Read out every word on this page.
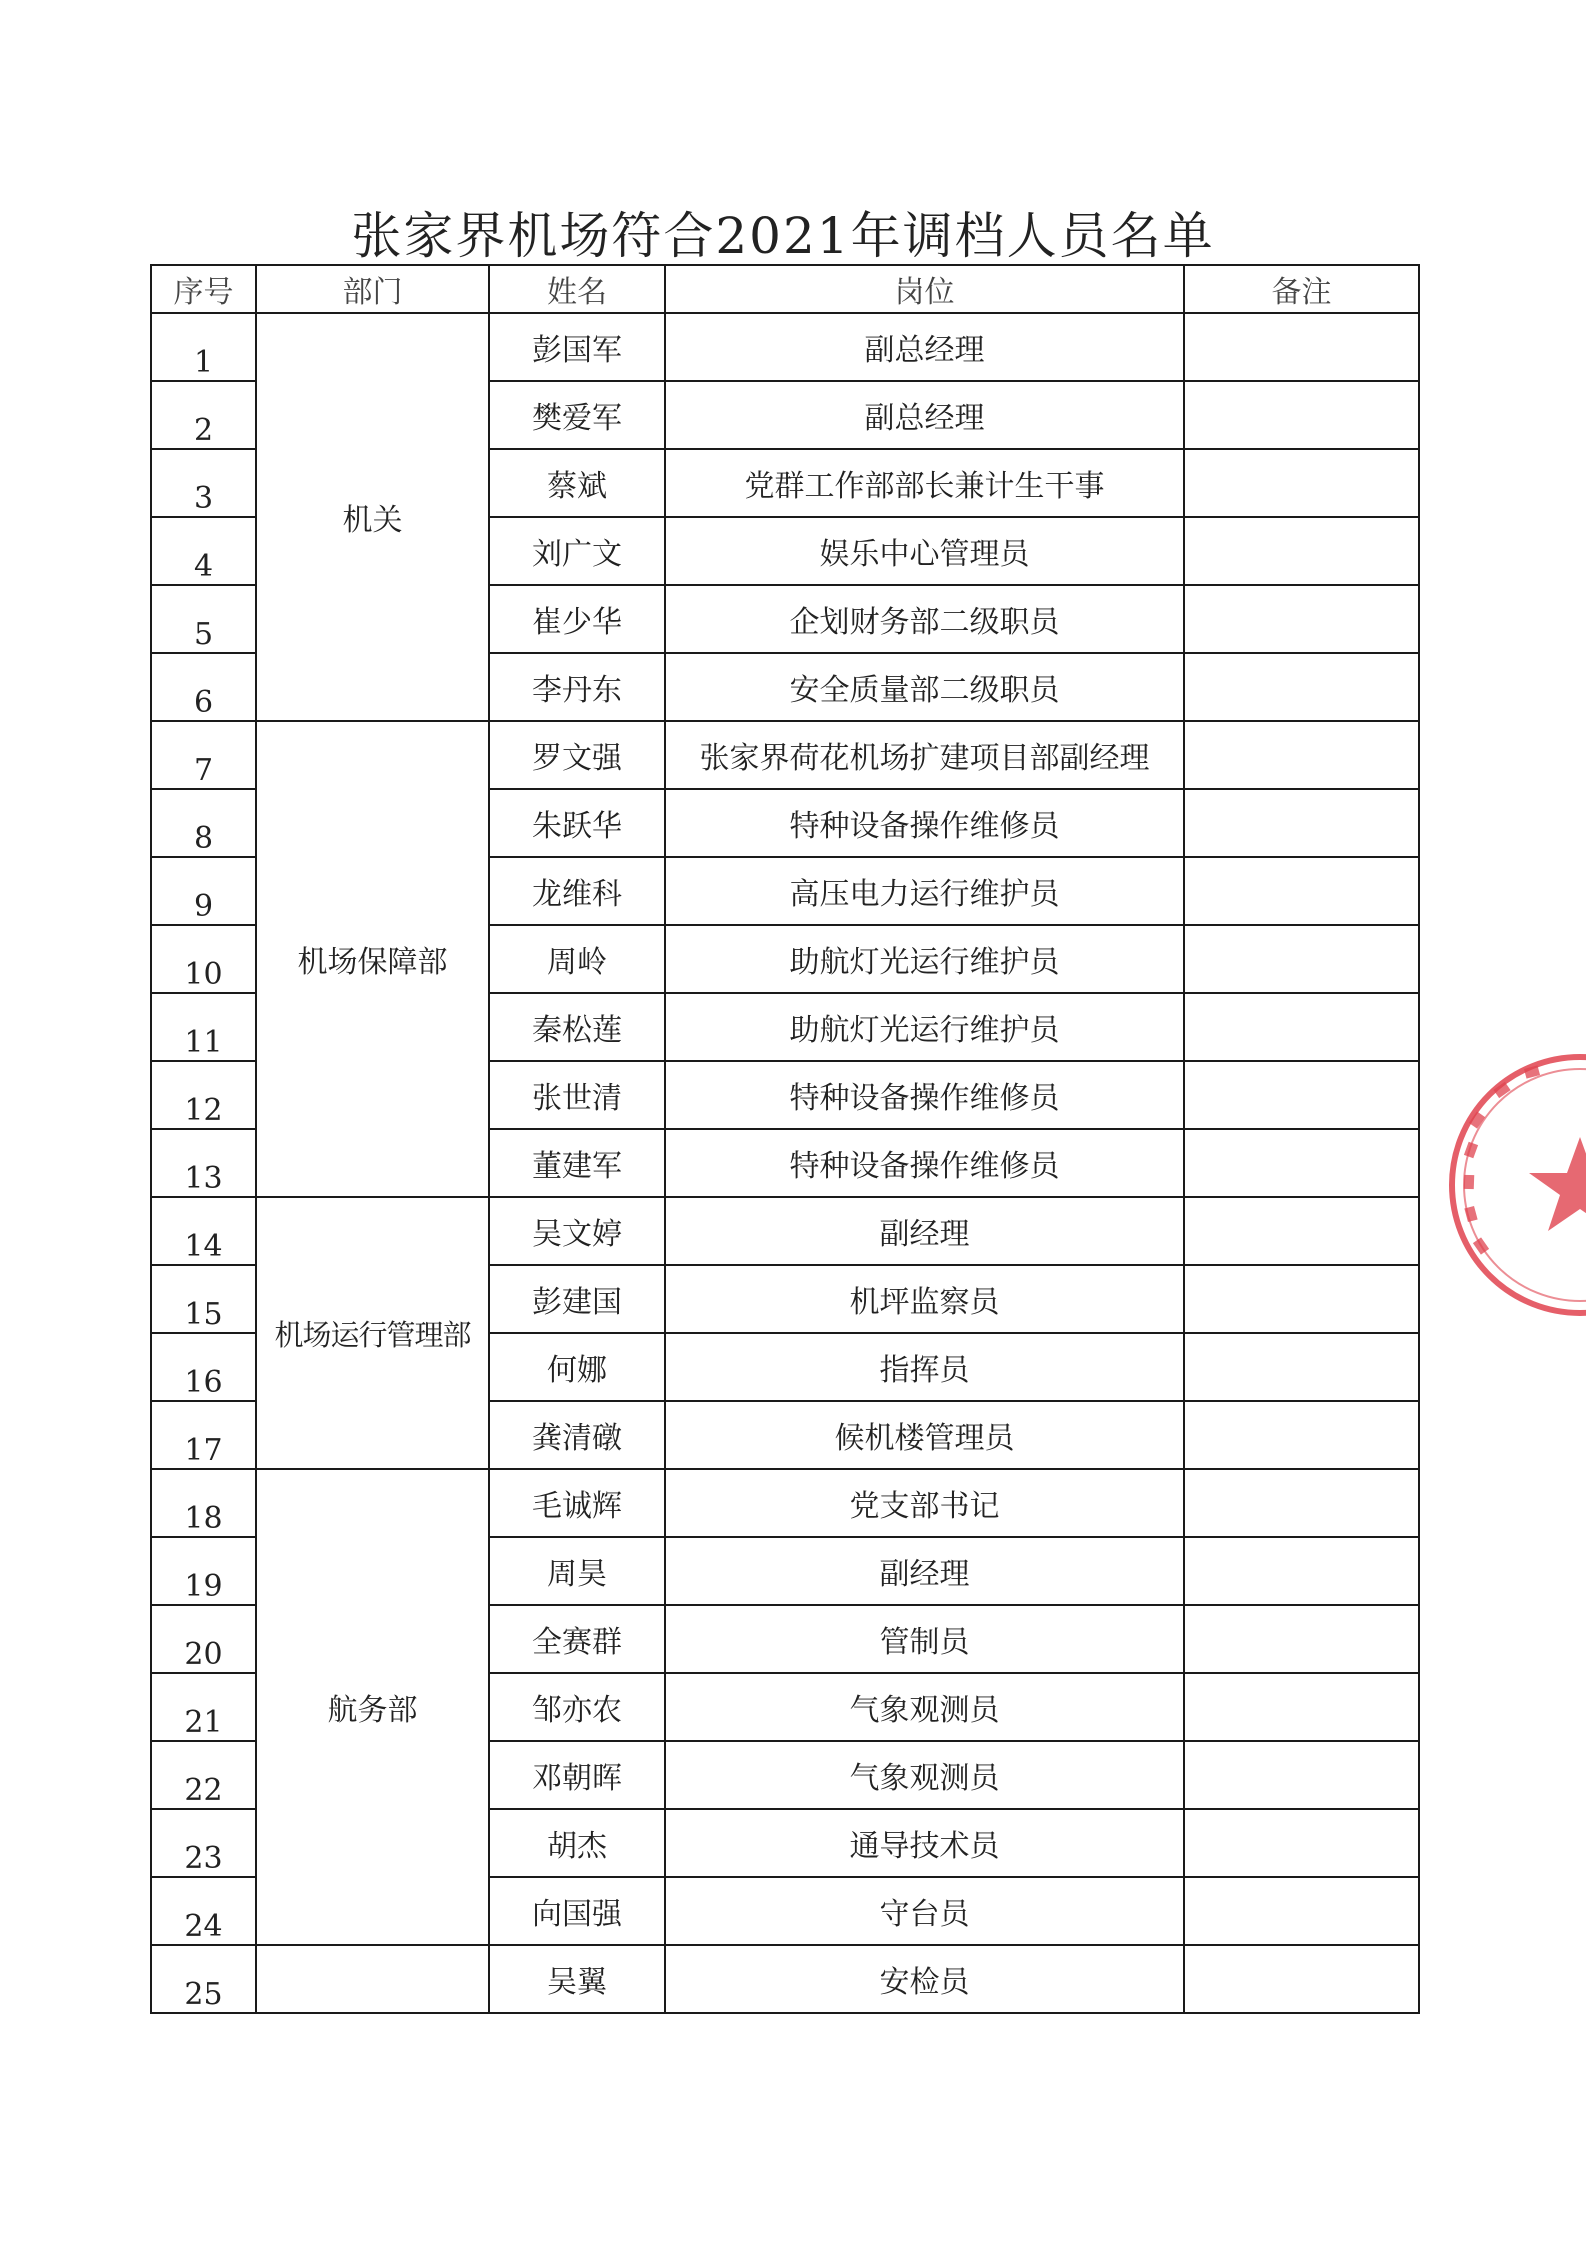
张家界机场符合2021年调档人员名单
序号	部门	姓名	岗位	备注
1	机关	彭国军	副总经理	
2		樊爱军	副总经理	
3		蔡斌	党群工作部部长兼计生干事	
4		刘广文	娱乐中心管理员	
5		崔少华	企划财务部二级职员	
6		李丹东	安全质量部二级职员	
7	机场保障部	罗文强	张家界荷花机场扩建项目部副经理	
8		朱跃华	特种设备操作维修员	
9		龙维科	高压电力运行维护员	
10		周岭	助航灯光运行维护员	
11		秦松莲	助航灯光运行维护员	
12		张世清	特种设备操作维修员	
13		董建军	特种设备操作维修员	
14	机场运行管理部	吴文婷	副经理	
15		彭建国	机坪监察员	
16		何娜	指挥员	
17		龚清礅	候机楼管理员	
18	航务部	毛诚辉	党支部书记	
19		周昊	副经理	
20		全赛群	管制员	
21		邹亦农	气象观测员	
22		邓朝晖	气象观测员	
23		胡杰	通导技术员	
24		向国强	守台员	
25		吴翼	安检员	
